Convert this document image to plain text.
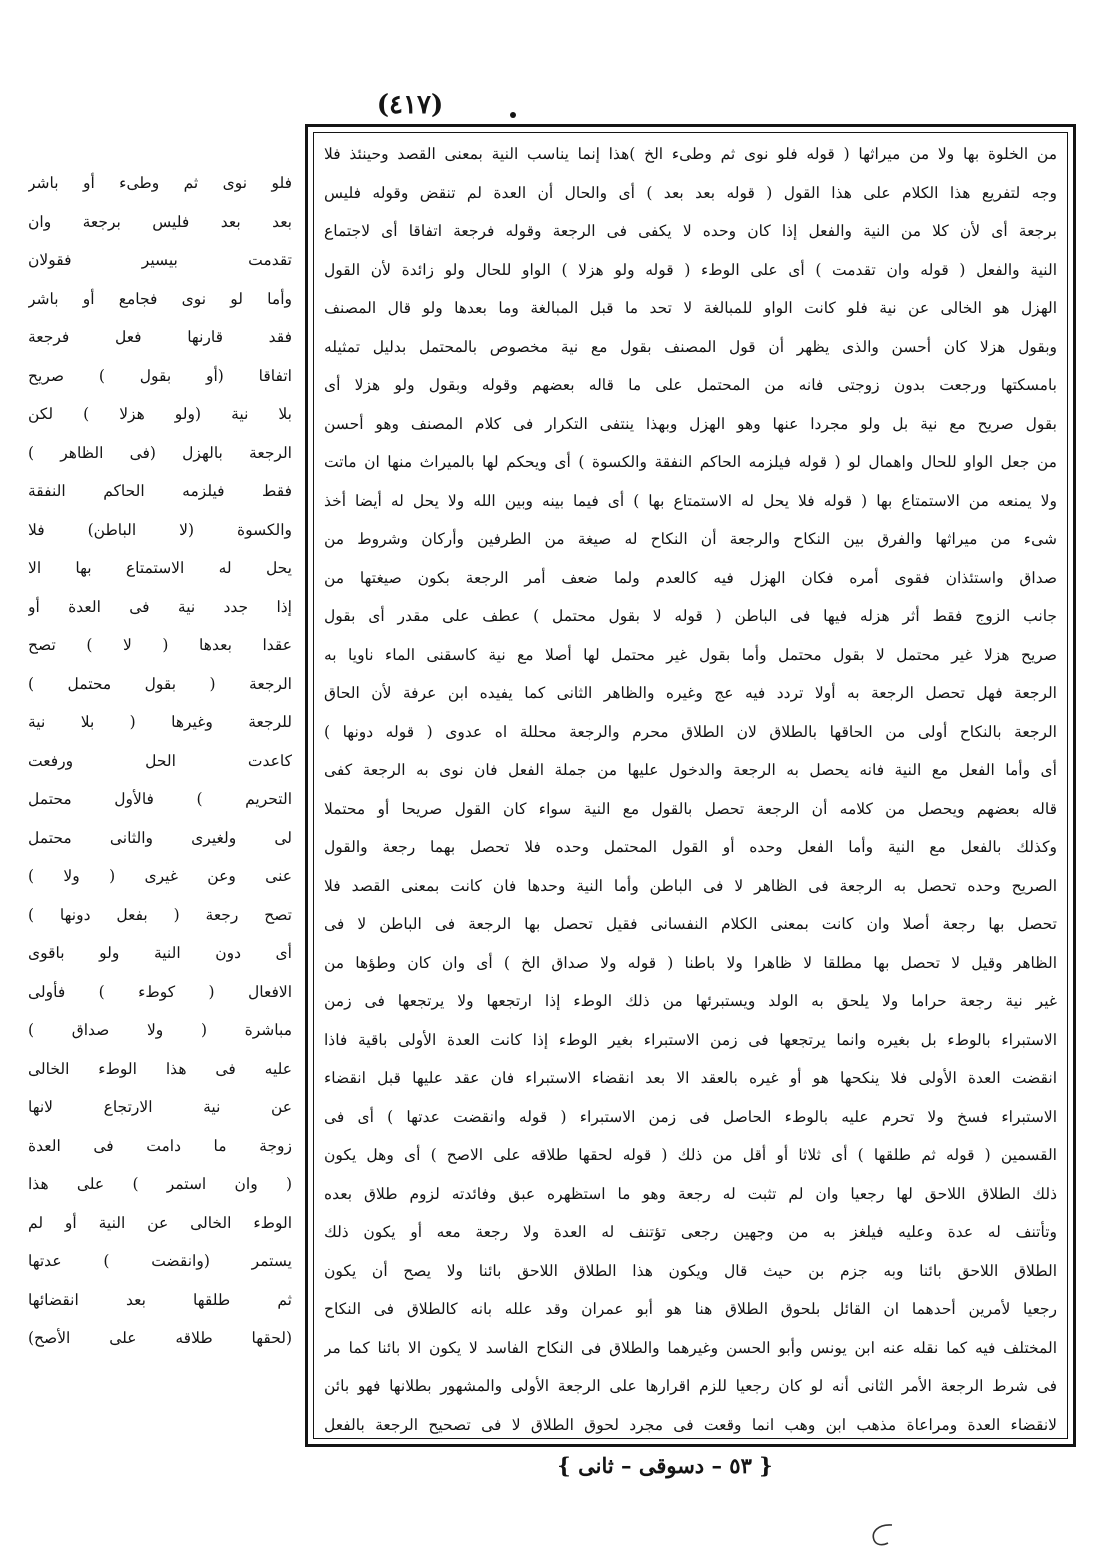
(٤١٧)
من الخلوة بها ولا من ميراثها ( قوله فلو نوى ثم وطىء الخ )هذا إنما يناسب النية بمعنى القصد وحينئذ فلا
وجه لتفريع هذا الكلام على هذا القول ( قوله بعد بعد ) أى والحال أن العدة لم تنقض وقوله فليس
برجعة أى لأن كلا من النية والفعل إذا كان وحده لا يكفى فى الرجعة وقوله فرجعة اتفاقا أى لاجتماع
النية والفعل ( قوله وان تقدمت ) أى على الوطء ( قوله ولو هزلا ) الواو للحال ولو زائدة لأن القول
الهزل هو الخالى عن نية فلو كانت الواو للمبالغة لا تحد ما قبل المبالغة وما بعدها ولو قال المصنف
وبقول هزلا كان أحسن والذى يظهر أن قول المصنف بقول مع نية مخصوص بالمحتمل بدليل تمثيله
بامسكتها ورجعت بدون زوجتى فانه من المحتمل على ما قاله بعضهم وقوله وبقول ولو هزلا أى
بقول صريح مع نية بل ولو مجردا عنها وهو الهزل وبهذا ينتفى التكرار فى كلام المصنف وهو أحسن
من جعل الواو للحال واهمال لو ( قوله فيلزمه الحاكم النفقة والكسوة ) أى ويحكم لها بالميراث منها ان ماتت
ولا يمنعه من الاستمتاع بها ( قوله فلا يحل له الاستمتاع بها ) أى فيما بينه وبين الله ولا يحل له أيضا أخذ
شىء من ميراثها والفرق بين النكاح والرجعة أن النكاح له صيغة من الطرفين وأركان وشروط من
صداق واستئذان فقوى أمره فكان الهزل فيه كالعدم ولما ضعف أمر الرجعة بكون صيغتها من
جانب الزوج فقط أثر هزله فيها فى الباطن ( قوله لا بقول محتمل ) عطف على مقدر أى بقول
صريح هزلا غير محتمل لا بقول محتمل وأما بقول غير محتمل لها أصلا مع نية كاسقنى الماء ناويا به
الرجعة فهل تحصل الرجعة به أولا تردد فيه عج وغيره والظاهر الثانى كما يفيده ابن عرفة لأن الحاق
الرجعة بالنكاح أولى من الحاقها بالطلاق لان الطلاق محرم والرجعة محللة اه عدوى ( قوله دونها )
أى وأما الفعل مع النية فانه يحصل به الرجعة والدخول عليها من جملة الفعل فان نوى به الرجعة كفى
قاله بعضهم ويحصل من كلامه أن الرجعة تحصل بالقول مع النية سواء كان القول صريحا أو محتملا
وكذلك بالفعل مع النية وأما الفعل وحده أو القول المحتمل وحده فلا تحصل بهما رجعة والقول
الصريح وحده تحصل به الرجعة فى الظاهر لا فى الباطن وأما النية وحدها فان كانت بمعنى القصد فلا
تحصل بها رجعة أصلا وان كانت بمعنى الكلام النفسانى فقيل تحصل بها الرجعة فى الباطن لا فى
الظاهر وقيل لا تحصل بها مطلقا لا ظاهرا ولا باطنا ( قوله ولا صداق الخ ) أى وان كان وطؤها من
غير نية رجعة حراما ولا يلحق به الولد ويستبرئها من ذلك الوطء إذا ارتجعها ولا يرتجعها فى زمن
الاستبراء بالوطء بل بغيره وانما يرتجعها فى زمن الاستبراء بغير الوطء إذا كانت العدة الأولى باقية فاذا
انقضت العدة الأولى فلا ينكحها هو أو غيره بالعقد الا بعد انقضاء الاستبراء فان عقد عليها قبل انقضاء
الاستبراء فسخ ولا تحرم عليه بالوطء الحاصل فى زمن الاستبراء ( قوله وانقضت عدتها ) أى فى
القسمين ( قوله ثم طلقها ) أى ثلاثا أو أقل من ذلك ( قوله لحقها طلاقه على الاصح ) أى وهل يكون
ذلك الطلاق اللاحق لها رجعيا وان لم تثبت له رجعة وهو ما استظهره عبق وفائدته لزوم طلاق بعده
وتأتنف له عدة وعليه فيلغز به من وجهين رجعى تؤتنف له العدة ولا رجعة معه أو يكون ذلك
الطلاق اللاحق بائنا وبه جزم بن حيث قال ويكون هذا الطلاق اللاحق بائنا ولا يصح أن يكون
رجعيا لأمرين أحدهما ان القائل بلحوق الطلاق هنا هو أبو عمران وقد علله بانه كالطلاق فى النكاح
المختلف فيه كما نقله عنه ابن يونس وأبو الحسن وغيرهما والطلاق فى النكاح الفاسد لا يكون الا بائنا كما مر
فى شرط الرجعة الأمر الثانى أنه لو كان رجعيا للزم اقرارها على الرجعة الأولى والمشهور بطلانها فهو بائن
لانقضاء العدة ومراعاة مذهب ابن وهب انما وقعت فى مجرد لحوق الطلاق لا فى تصحيح الرجعة بالفعل
فلو نوى ثم وطىء أو باشر
بعد بعد فليس برجعة وان
تقدمت بيسير فقولان
وأما لو نوى فجامع أو باشر
فقد قارنها فعل فرجعة
اتفاقا (أو بقول ) صريح
بلا نية (ولو هزلا ) لكن
الرجعة بالهزل (فى الظاهر )
فقط فيلزمه الحاكم النفقة
والكسوة (لا الباطن) فلا
يحل له الاستمتاع بها الا
إذا جدد نية فى العدة أو
عقدا بعدها ( لا ) تصح
الرجعة ( بقول محتمل )
للرجعة وغيرها ( بلا نية
كاعدت الحل ورفعت
التحريم ) فالأول محتمل
لى ولغيرى والثانى محتمل
عنى وعن غيرى ( ولا )
تصح رجعة ( بفعل دونها )
أى دون النية ولو باقوى
الافعال ( كوطء ) فأولى
مباشرة ( ولا صداق )
عليه فى هذا الوطء الخالى
عن نية الارتجاع لانها
زوجة ما دامت فى العدة
( وان استمر ) على هذا
الوطء الخالى عن النية أو لم
يستمر (وانقضت ) عدتها
ثم طلقها بعد انقضائها
(لحقها طلاقه على الأصح)
{ ٥٣ – دسوقى – ثانى }
